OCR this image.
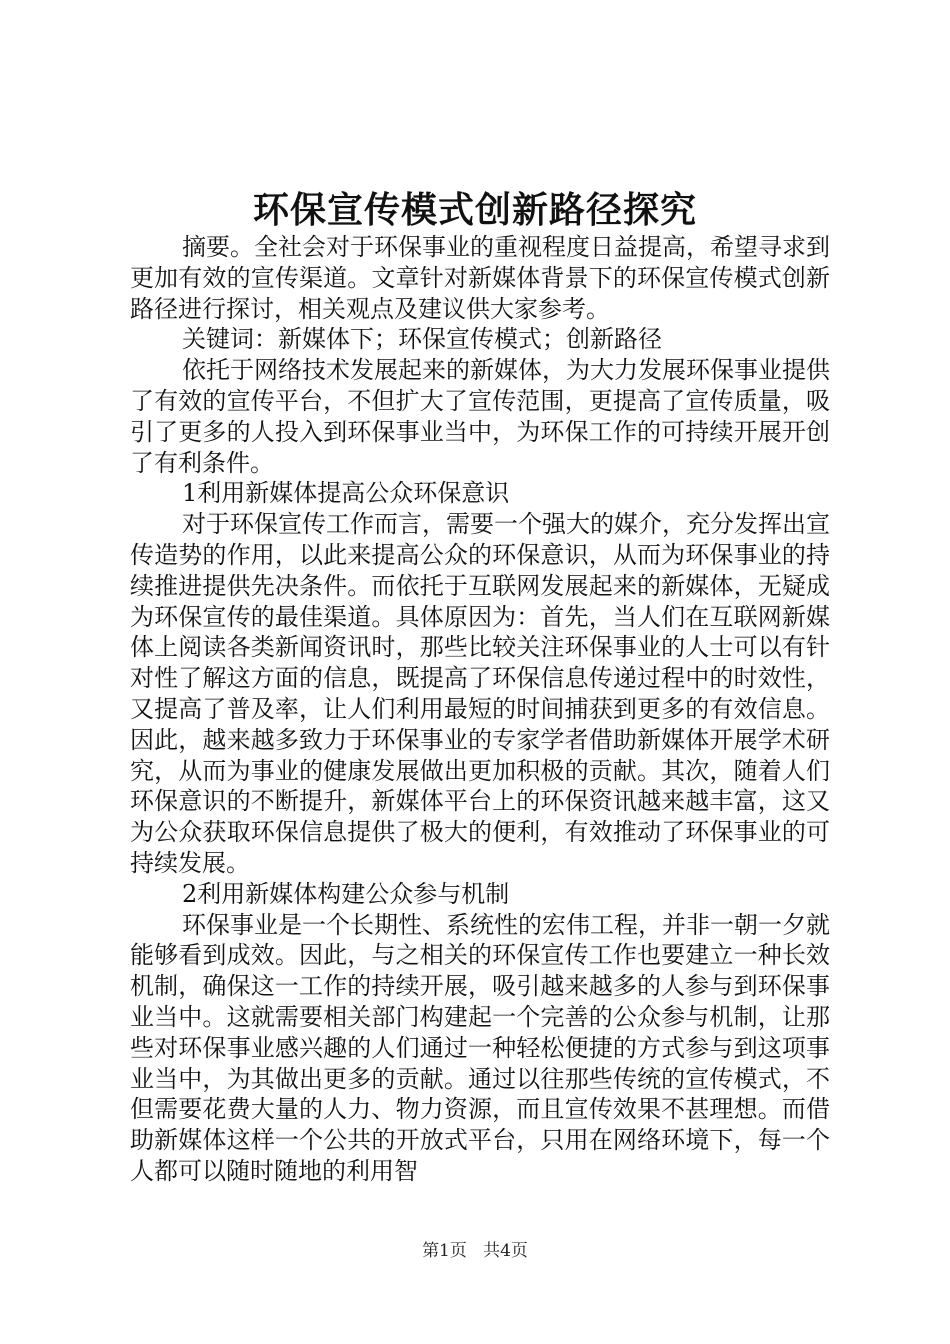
环保宣传模式创新路径探究

摘要。全社会对于环保事业的重视程度日益提高，希望寻求到更加有效的宣传渠道。文章针对新媒体背景下的环保宣传模式创新路径进行探讨，相关观点及建议供大家参考。

关键词：新媒体下；环保宣传模式；创新路径

依托于网络技术发展起来的新媒体，为大力发展环保事业提供了有效的宣传平台，不但扩大了宣传范围，更提高了宣传质量，吸引了更多的人投入到环保事业当中，为环保工作的可持续开展开创了有利条件。

1利用新媒体提高公众环保意识

对于环保宣传工作而言，需要一个强大的媒介，充分发挥出宣传造势的作用，以此来提高公众的环保意识，从而为环保事业的持续推进提供先决条件。而依托于互联网发展起来的新媒体，无疑成为环保宣传的最佳渠道。具体原因为：首先，当人们在互联网新媒体上阅读各类新闻资讯时，那些比较关注环保事业的人士可以有针对性了解这方面的信息，既提高了环保信息传递过程中的时效性，又提高了普及率，让人们利用最短的时间捕获到更多的有效信息。因此，越来越多致力于环保事业的专家学者借助新媒体开展学术研究，从而为事业的健康发展做出更加积极的贡献。其次，随着人们环保意识的不断提升，新媒体平台上的环保资讯越来越丰富，这又为公众获取环保信息提供了极大的便利，有效推动了环保事业的可持续发展。

2利用新媒体构建公众参与机制

环保事业是一个长期性、系统性的宏伟工程，并非一朝一夕就能够看到成效。因此，与之相关的环保宣传工作也要建立一种长效机制，确保这一工作的持续开展，吸引越来越多的人参与到环保事业当中。这就需要相关部门构建起一个完善的公众参与机制，让那些对环保事业感兴趣的人们通过一种轻松便捷的方式参与到这项事业当中，为其做出更多的贡献。通过以往那些传统的宣传模式，不但需要花费大量的人力、物力资源，而且宣传效果不甚理想。而借助新媒体这样一个公共的开放式平台，只用在网络环境下，每一个人都可以随时随地的利用智

第1页 共4页
